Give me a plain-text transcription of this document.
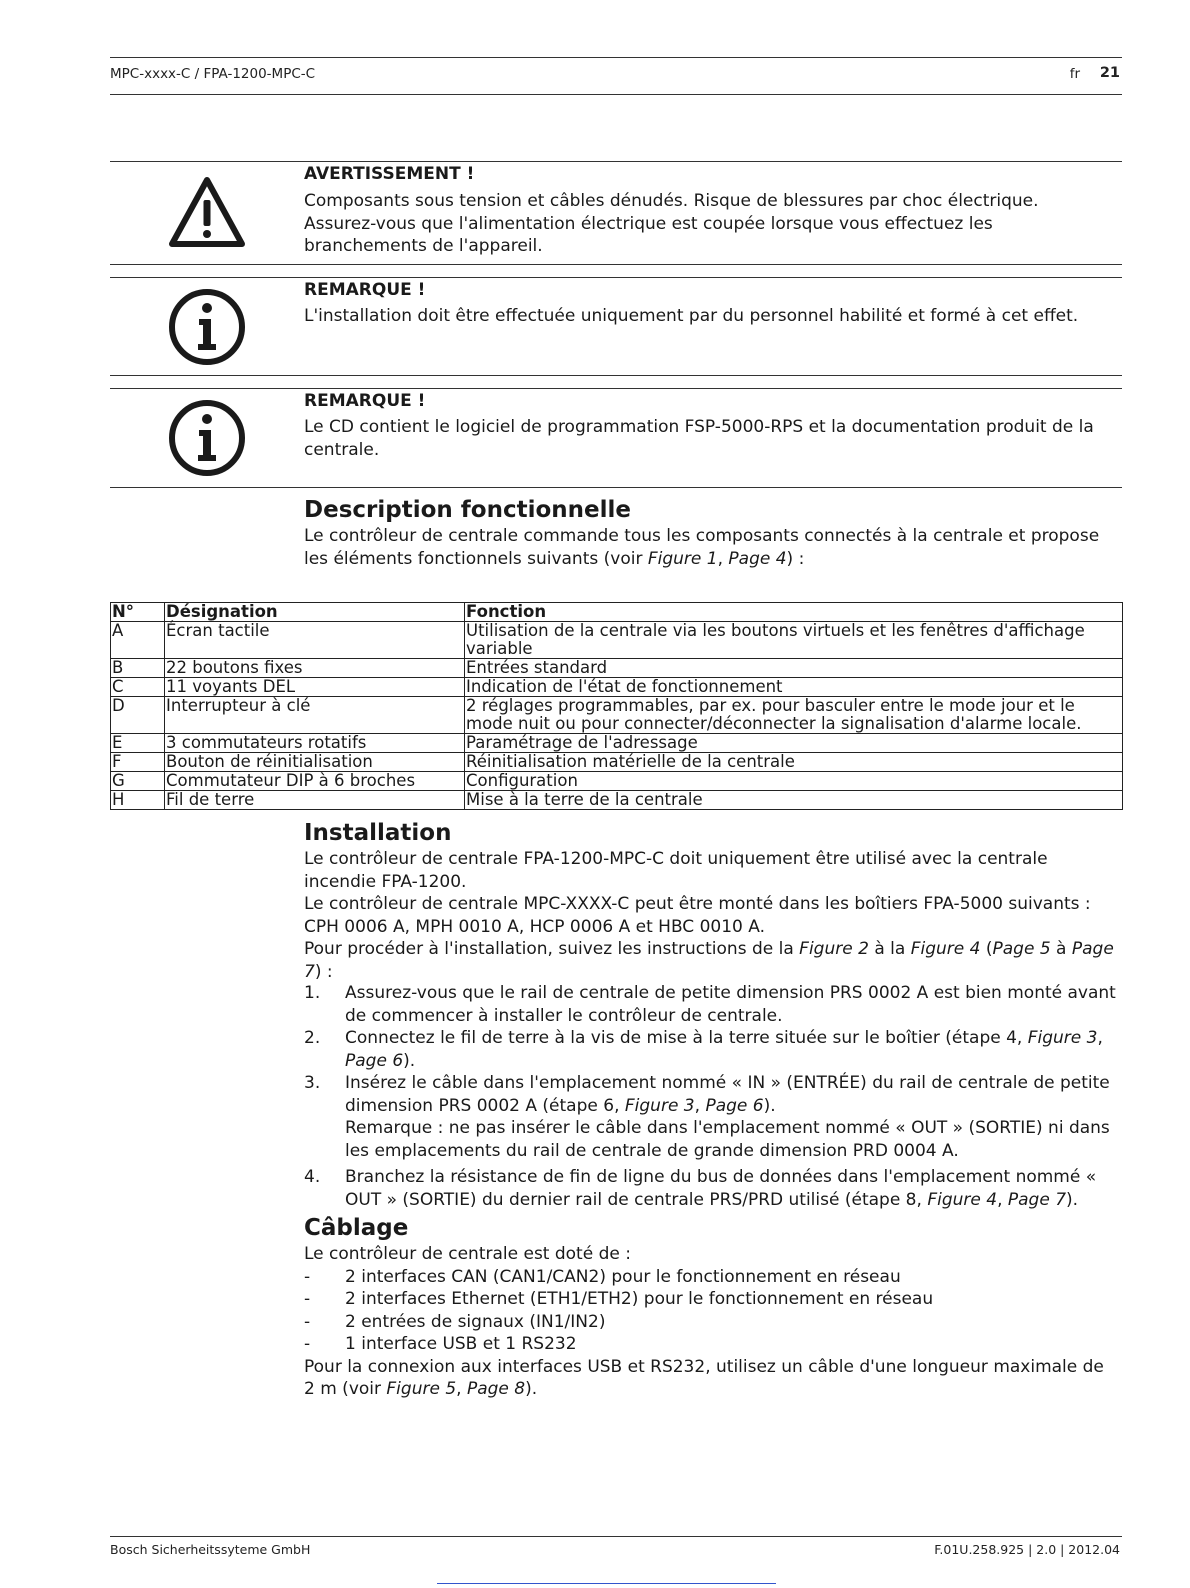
MPC-xxxx-C / FPA-1200-MPC-C	fr 21
AVERTISSEMENT !
Composants sous tension et câbles dénudés. Risque de blessures par choc électrique.
Assurez-vous que l'alimentation électrique est coupée lorsque vous effectuez les
branchements de l'appareil.
REMARQUE !
L'installation doit être effectuée uniquement par du personnel habilité et formé à cet effet.
REMARQUE !
Le CD contient le logiciel de programmation FSP-5000-RPS et la documentation produit de la
centrale.
Description fonctionnelle
Le contrôleur de centrale commande tous les composants connectés à la centrale et propose
les éléments fonctionnels suivants (voir Figure 1, Page 4) :
N°	Désignation	Fonction
A	Écran tactile	Utilisation de la centrale via les boutons virtuels et les fenêtres d'affichage variable
B	22 boutons fixes	Entrées standard
C	11 voyants DEL	Indication de l'état de fonctionnement
D	Interrupteur à clé	2 réglages programmables, par ex. pour basculer entre le mode jour et le mode nuit ou pour connecter/déconnecter la signalisation d'alarme locale.
E	3 commutateurs rotatifs	Paramétrage de l'adressage
F	Bouton de réinitialisation	Réinitialisation matérielle de la centrale
G	Commutateur DIP à 6 broches	Configuration
H	Fil de terre	Mise à la terre de la centrale
Installation
Le contrôleur de centrale FPA-1200-MPC-C doit uniquement être utilisé avec la centrale incendie FPA-1200.
Le contrôleur de centrale MPC-XXXX-C peut être monté dans les boîtiers FPA-5000 suivants : CPH 0006 A, MPH 0010 A, HCP 0006 A et HBC 0010 A.
Pour procéder à l'installation, suivez les instructions de la Figure 2 à la Figure 4 (Page 5 à Page 7) :
1. Assurez-vous que le rail de centrale de petite dimension PRS 0002 A est bien monté avant de commencer à installer le contrôleur de centrale.
2. Connectez le fil de terre à la vis de mise à la terre située sur le boîtier (étape 4, Figure 3, Page 6).
3. Insérez le câble dans l'emplacement nommé « IN » (ENTRÉE) du rail de centrale de petite dimension PRS 0002 A (étape 6, Figure 3, Page 6).
Remarque : ne pas insérer le câble dans l'emplacement nommé « OUT » (SORTIE) ni dans les emplacements du rail de centrale de grande dimension PRD 0004 A.
4. Branchez la résistance de fin de ligne du bus de données dans l'emplacement nommé « OUT » (SORTIE) du dernier rail de centrale PRS/PRD utilisé (étape 8, Figure 4, Page 7).
Câblage
Le contrôleur de centrale est doté de :
- 2 interfaces CAN (CAN1/CAN2) pour le fonctionnement en réseau
- 2 interfaces Ethernet (ETH1/ETH2) pour le fonctionnement en réseau
- 2 entrées de signaux (IN1/IN2)
- 1 interface USB et 1 RS232
Pour la connexion aux interfaces USB et RS232, utilisez un câble d'une longueur maximale de 2 m (voir Figure 5, Page 8).
Bosch Sicherheitssyteme GmbH	F.01U.258.925 | 2.0 | 2012.04
